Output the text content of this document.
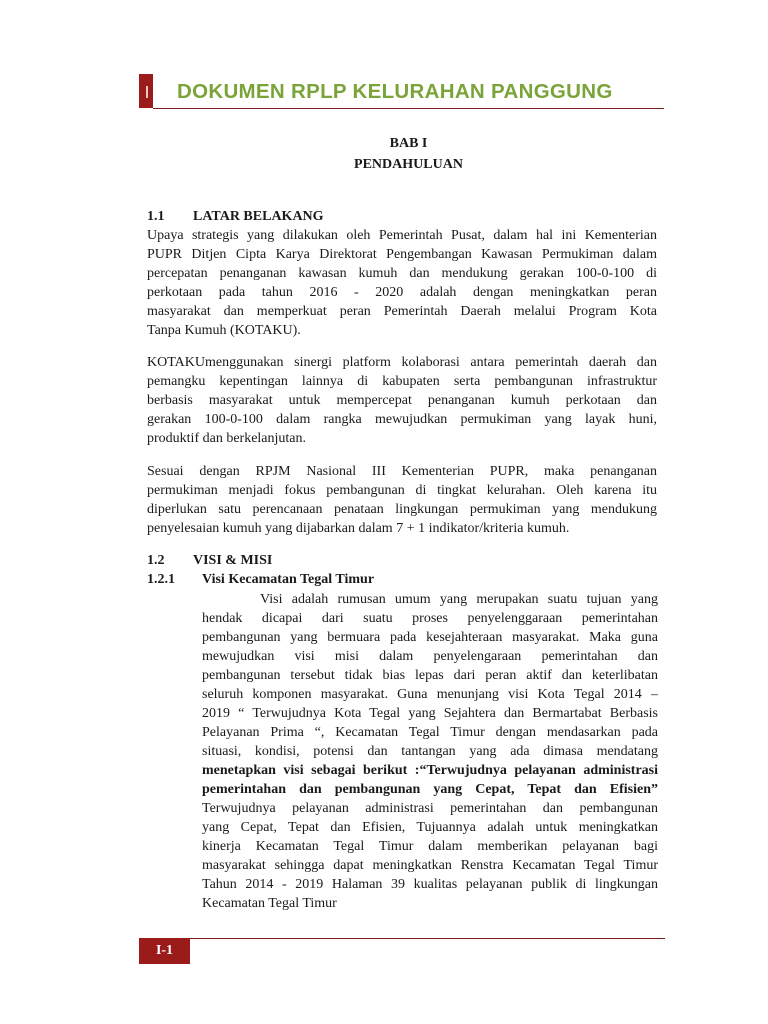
DOKUMEN RPLP KELURAHAN PANGGUNG
BAB I
PENDAHULUAN
1.1 LATAR BELAKANG
Upaya strategis yang dilakukan oleh Pemerintah Pusat, dalam hal ini Kementerian
PUPR Ditjen Cipta Karya Direktorat Pengembangan Kawasan Permukiman dalam
percepatan penanganan kawasan kumuh dan mendukung gerakan 100-0-100 di
perkotaan pada tahun 2016 - 2020 adalah dengan meningkatkan peran
masyarakat dan memperkuat peran Pemerintah Daerah melalui Program Kota
Tanpa Kumuh (KOTAKU).
KOTAKUmenggunakan sinergi platform kolaborasi antara pemerintah daerah dan
pemangku kepentingan lainnya di kabupaten serta pembangunan infrastruktur
berbasis masyarakat untuk mempercepat penanganan kumuh perkotaan dan
gerakan 100-0-100 dalam rangka mewujudkan permukiman yang layak huni,
produktif dan berkelanjutan.
Sesuai dengan RPJM Nasional III Kementerian PUPR, maka penanganan
permukiman menjadi fokus pembangunan di tingkat kelurahan. Oleh karena itu
diperlukan satu perencanaan penataan lingkungan permukiman yang mendukung
penyelesaian kumuh yang dijabarkan dalam 7 + 1 indikator/kriteria kumuh.
1.2 VISI & MISI
1.2.1 Visi Kecamatan Tegal Timur
Visi adalah rumusan umum yang merupakan suatu tujuan yang
hendak dicapai dari suatu proses penyelenggaraan pemerintahan
pembangunan yang bermuara pada kesejahteraan masyarakat. Maka guna
mewujudkan visi misi dalam penyelengaraan pemerintahan dan
pembangunan tersebut tidak bias lepas dari peran aktif dan keterlibatan
seluruh komponen masyarakat. Guna menunjang visi Kota Tegal 2014 –
2019 “ Terwujudnya Kota Tegal yang Sejahtera dan Bermartabat Berbasis
Pelayanan Prima “, Kecamatan Tegal Timur dengan mendasarkan pada
situasi, kondisi, potensi dan tantangan yang ada dimasa mendatang
menetapkan visi sebagai berikut :“Terwujudnya pelayanan administrasi
pemerintahan dan pembangunan yang Cepat, Tepat dan Efisien”
Terwujudnya pelayanan administrasi pemerintahan dan pembangunan
yang Cepat, Tepat dan Efisien, Tujuannya adalah untuk meningkatkan
kinerja Kecamatan Tegal Timur dalam memberikan pelayanan bagi
masyarakat sehingga dapat meningkatkan Renstra Kecamatan Tegal Timur
Tahun 2014 - 2019 Halaman 39 kualitas pelayanan publik di lingkungan
Kecamatan Tegal Timur
I-1
